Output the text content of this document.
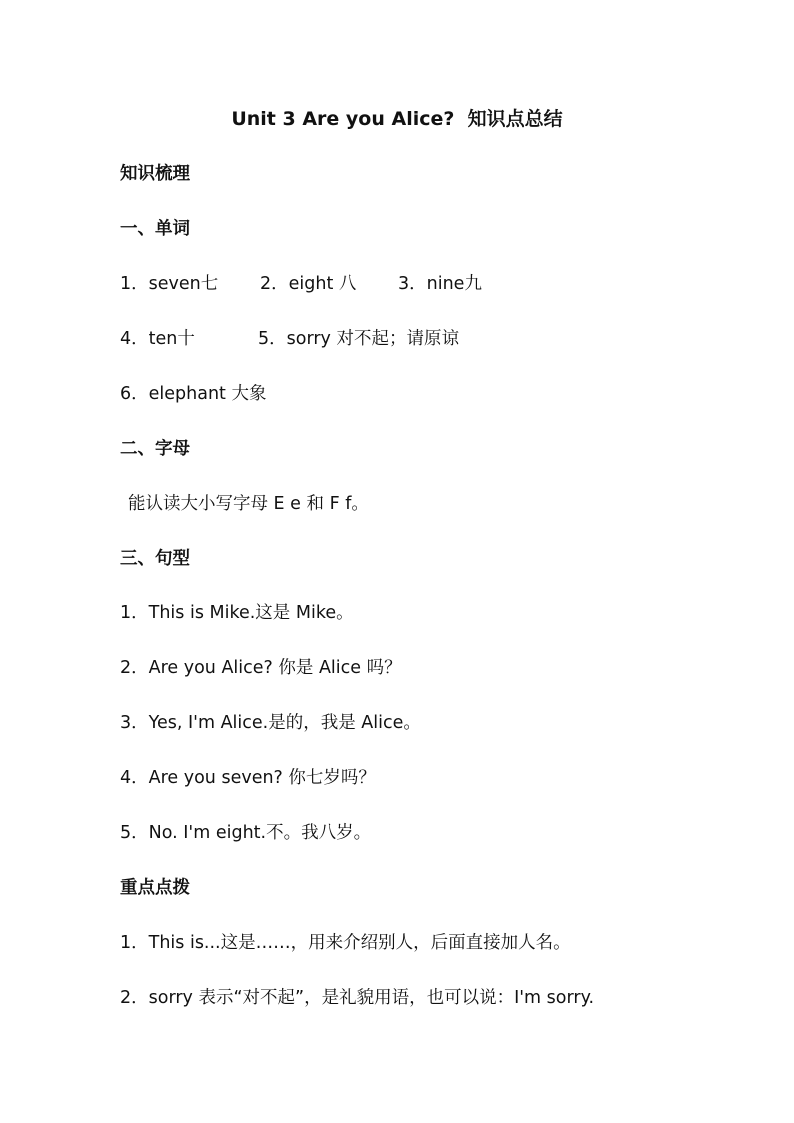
Unit 3 Are you Alice?  知识点总结
知识梳理
一、单词
1．seven七 2．eight 八 3．nine九
4．ten十	5．sorry 对不起；请原谅
6．elephant 大象
二、字母
能认读大小写字母 E e 和 F f。
三、句型
1．This is Mike.这是 Mike。
2．Are you Alice? 你是 Alice 吗？
3．Yes, I'm Alice.是的，我是 Alice。
4．Are you seven? 你七岁吗？
5．No. I'm eight.不。我八岁。
重点点拨
1．This is...这是……，用来介绍别人，后面直接加人名。
2．sorry 表示“对不起”，是礼貌用语，也可以说：I'm sorry.
